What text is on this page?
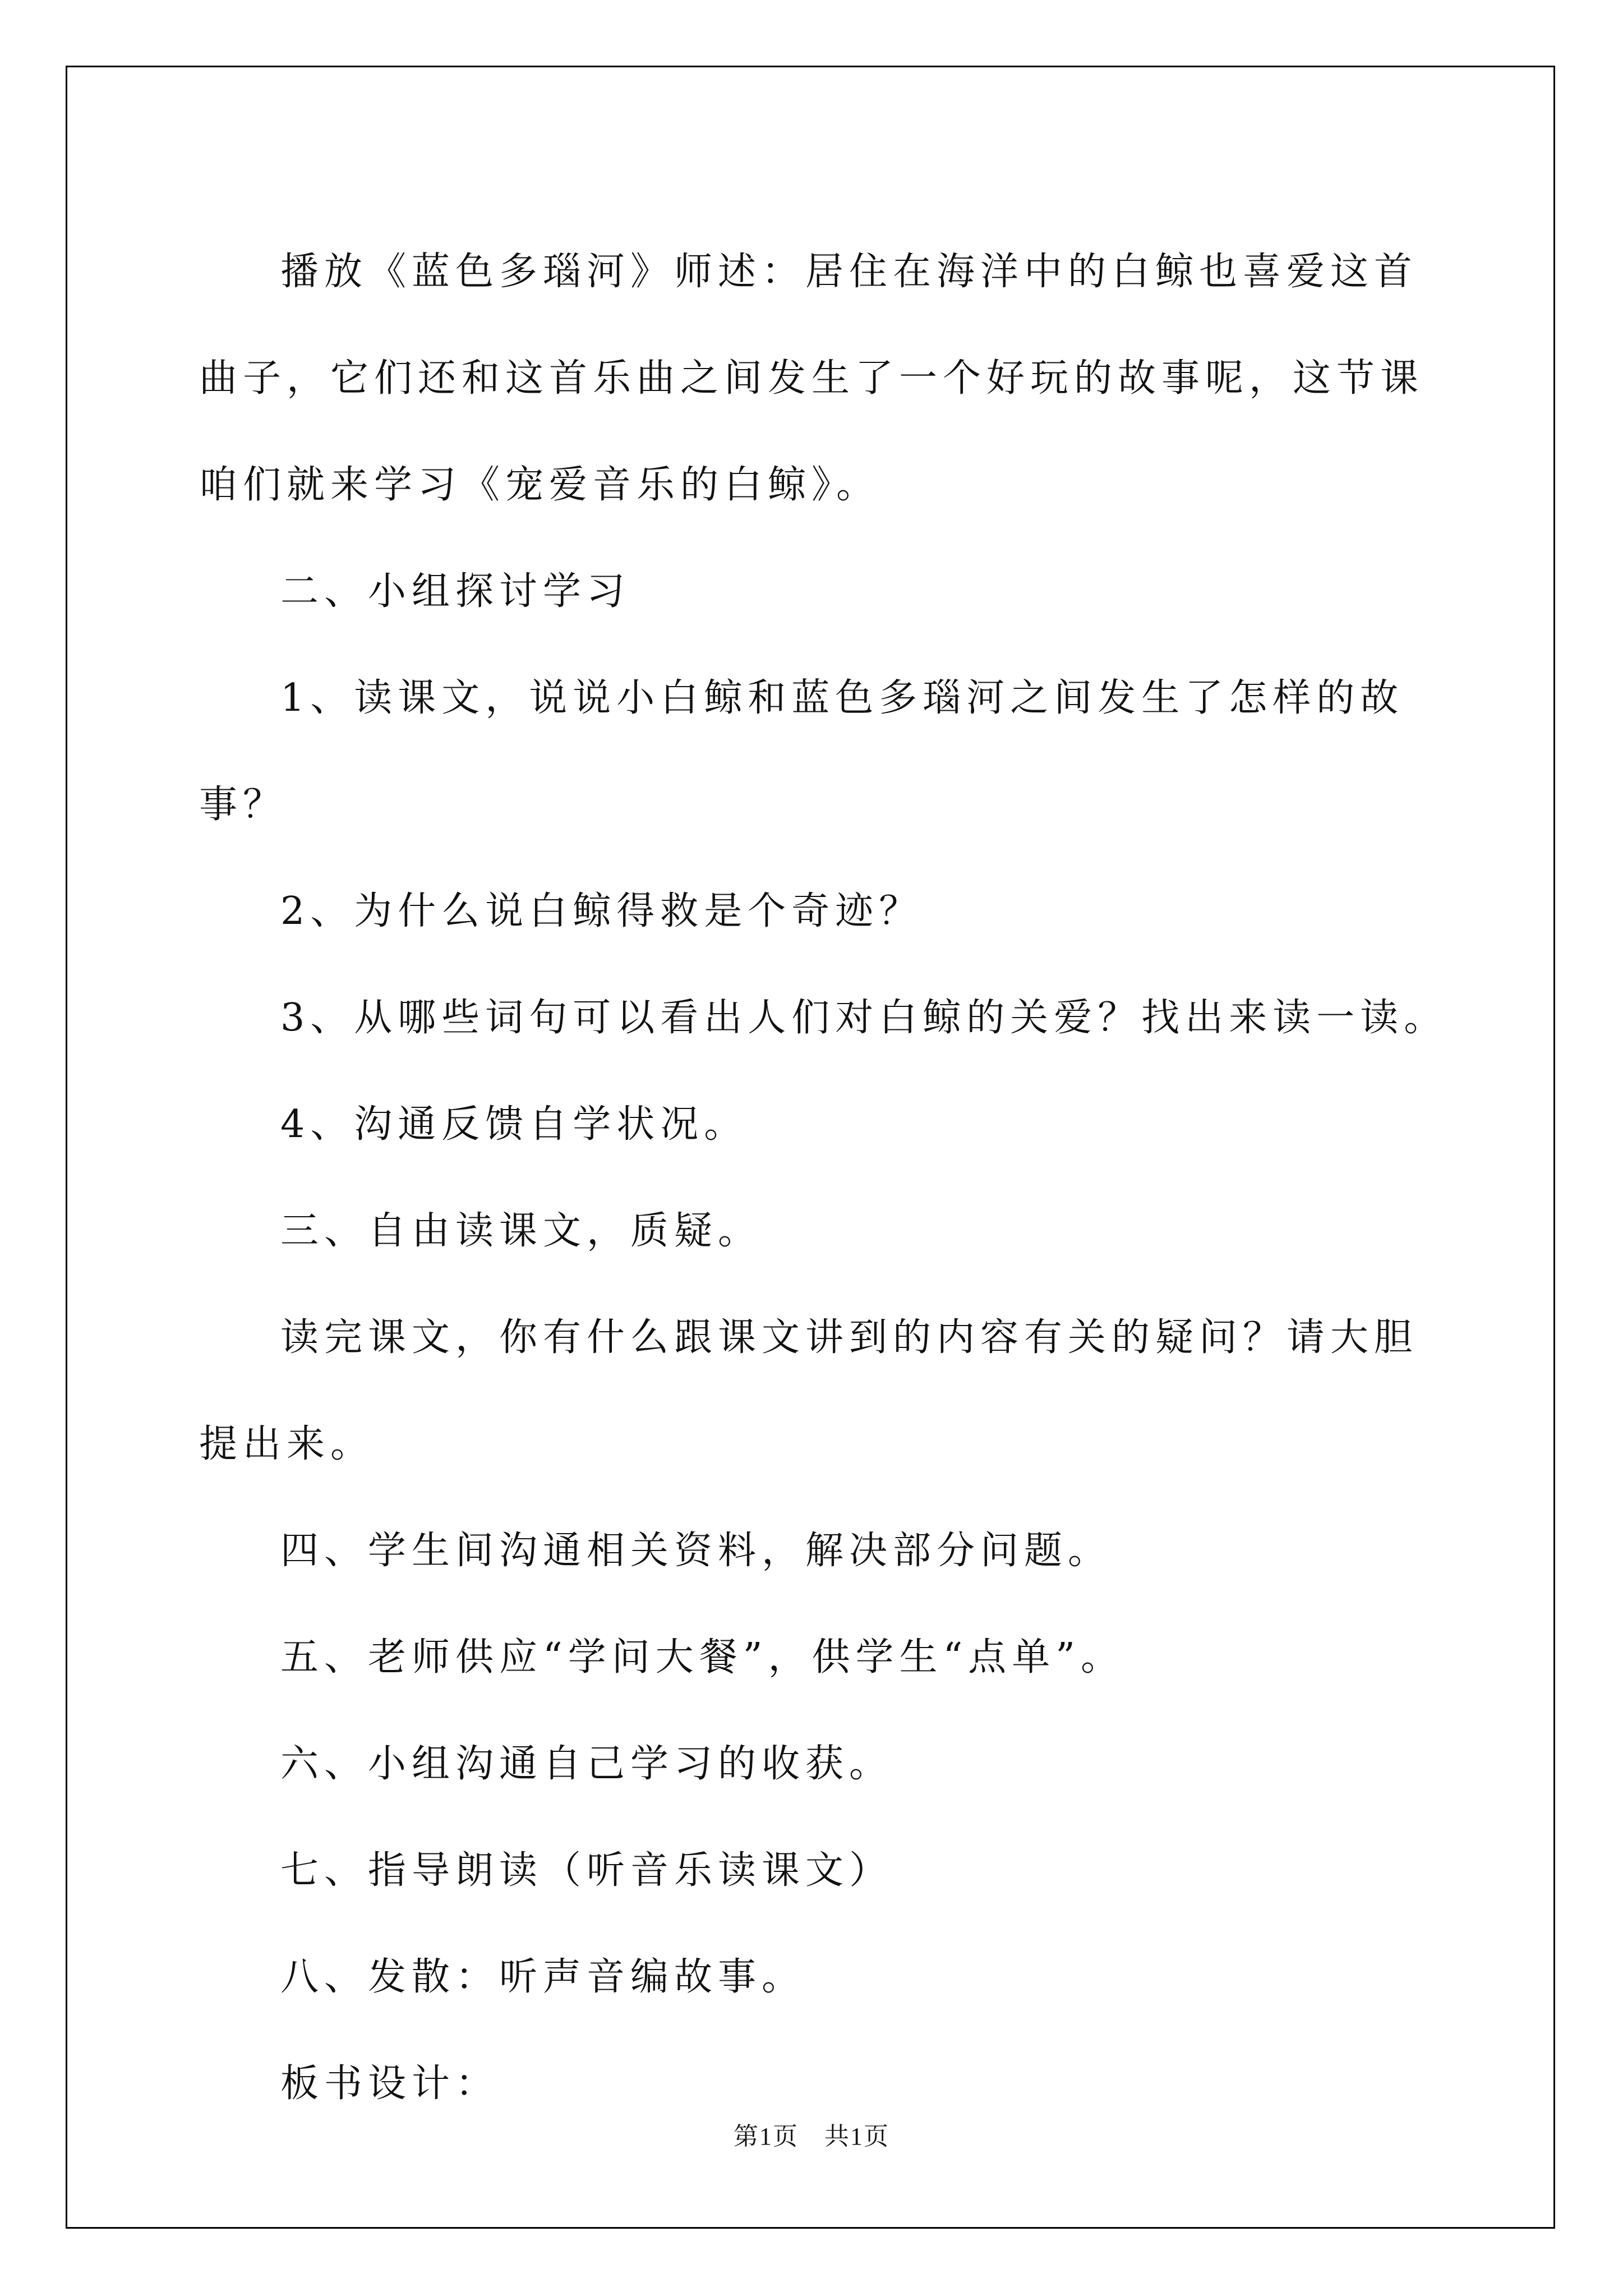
播放《蓝色多瑙河》师述：居住在海洋中的白鲸也喜爱这首曲子，它们还和这首乐曲之间发生了一个好玩的故事呢，这节课咱们就来学习《宠爱音乐的白鲸》。

二、小组探讨学习

1、读课文，说说小白鲸和蓝色多瑙河之间发生了怎样的故事？

2、为什么说白鲸得救是个奇迹？

3、从哪些词句可以看出人们对白鲸的关爱？找出来读一读。

4、沟通反馈自学状况。

三、自由读课文，质疑。

读完课文，你有什么跟课文讲到的内容有关的疑问？请大胆提出来。

四、学生间沟通相关资料，解决部分问题。

五、老师供应“学问大餐”，供学生“点单”。

六、小组沟通自己学习的收获。

七、指导朗读（听音乐读课文）

八、发散：听声音编故事。

板书设计：

第1页　共1页
